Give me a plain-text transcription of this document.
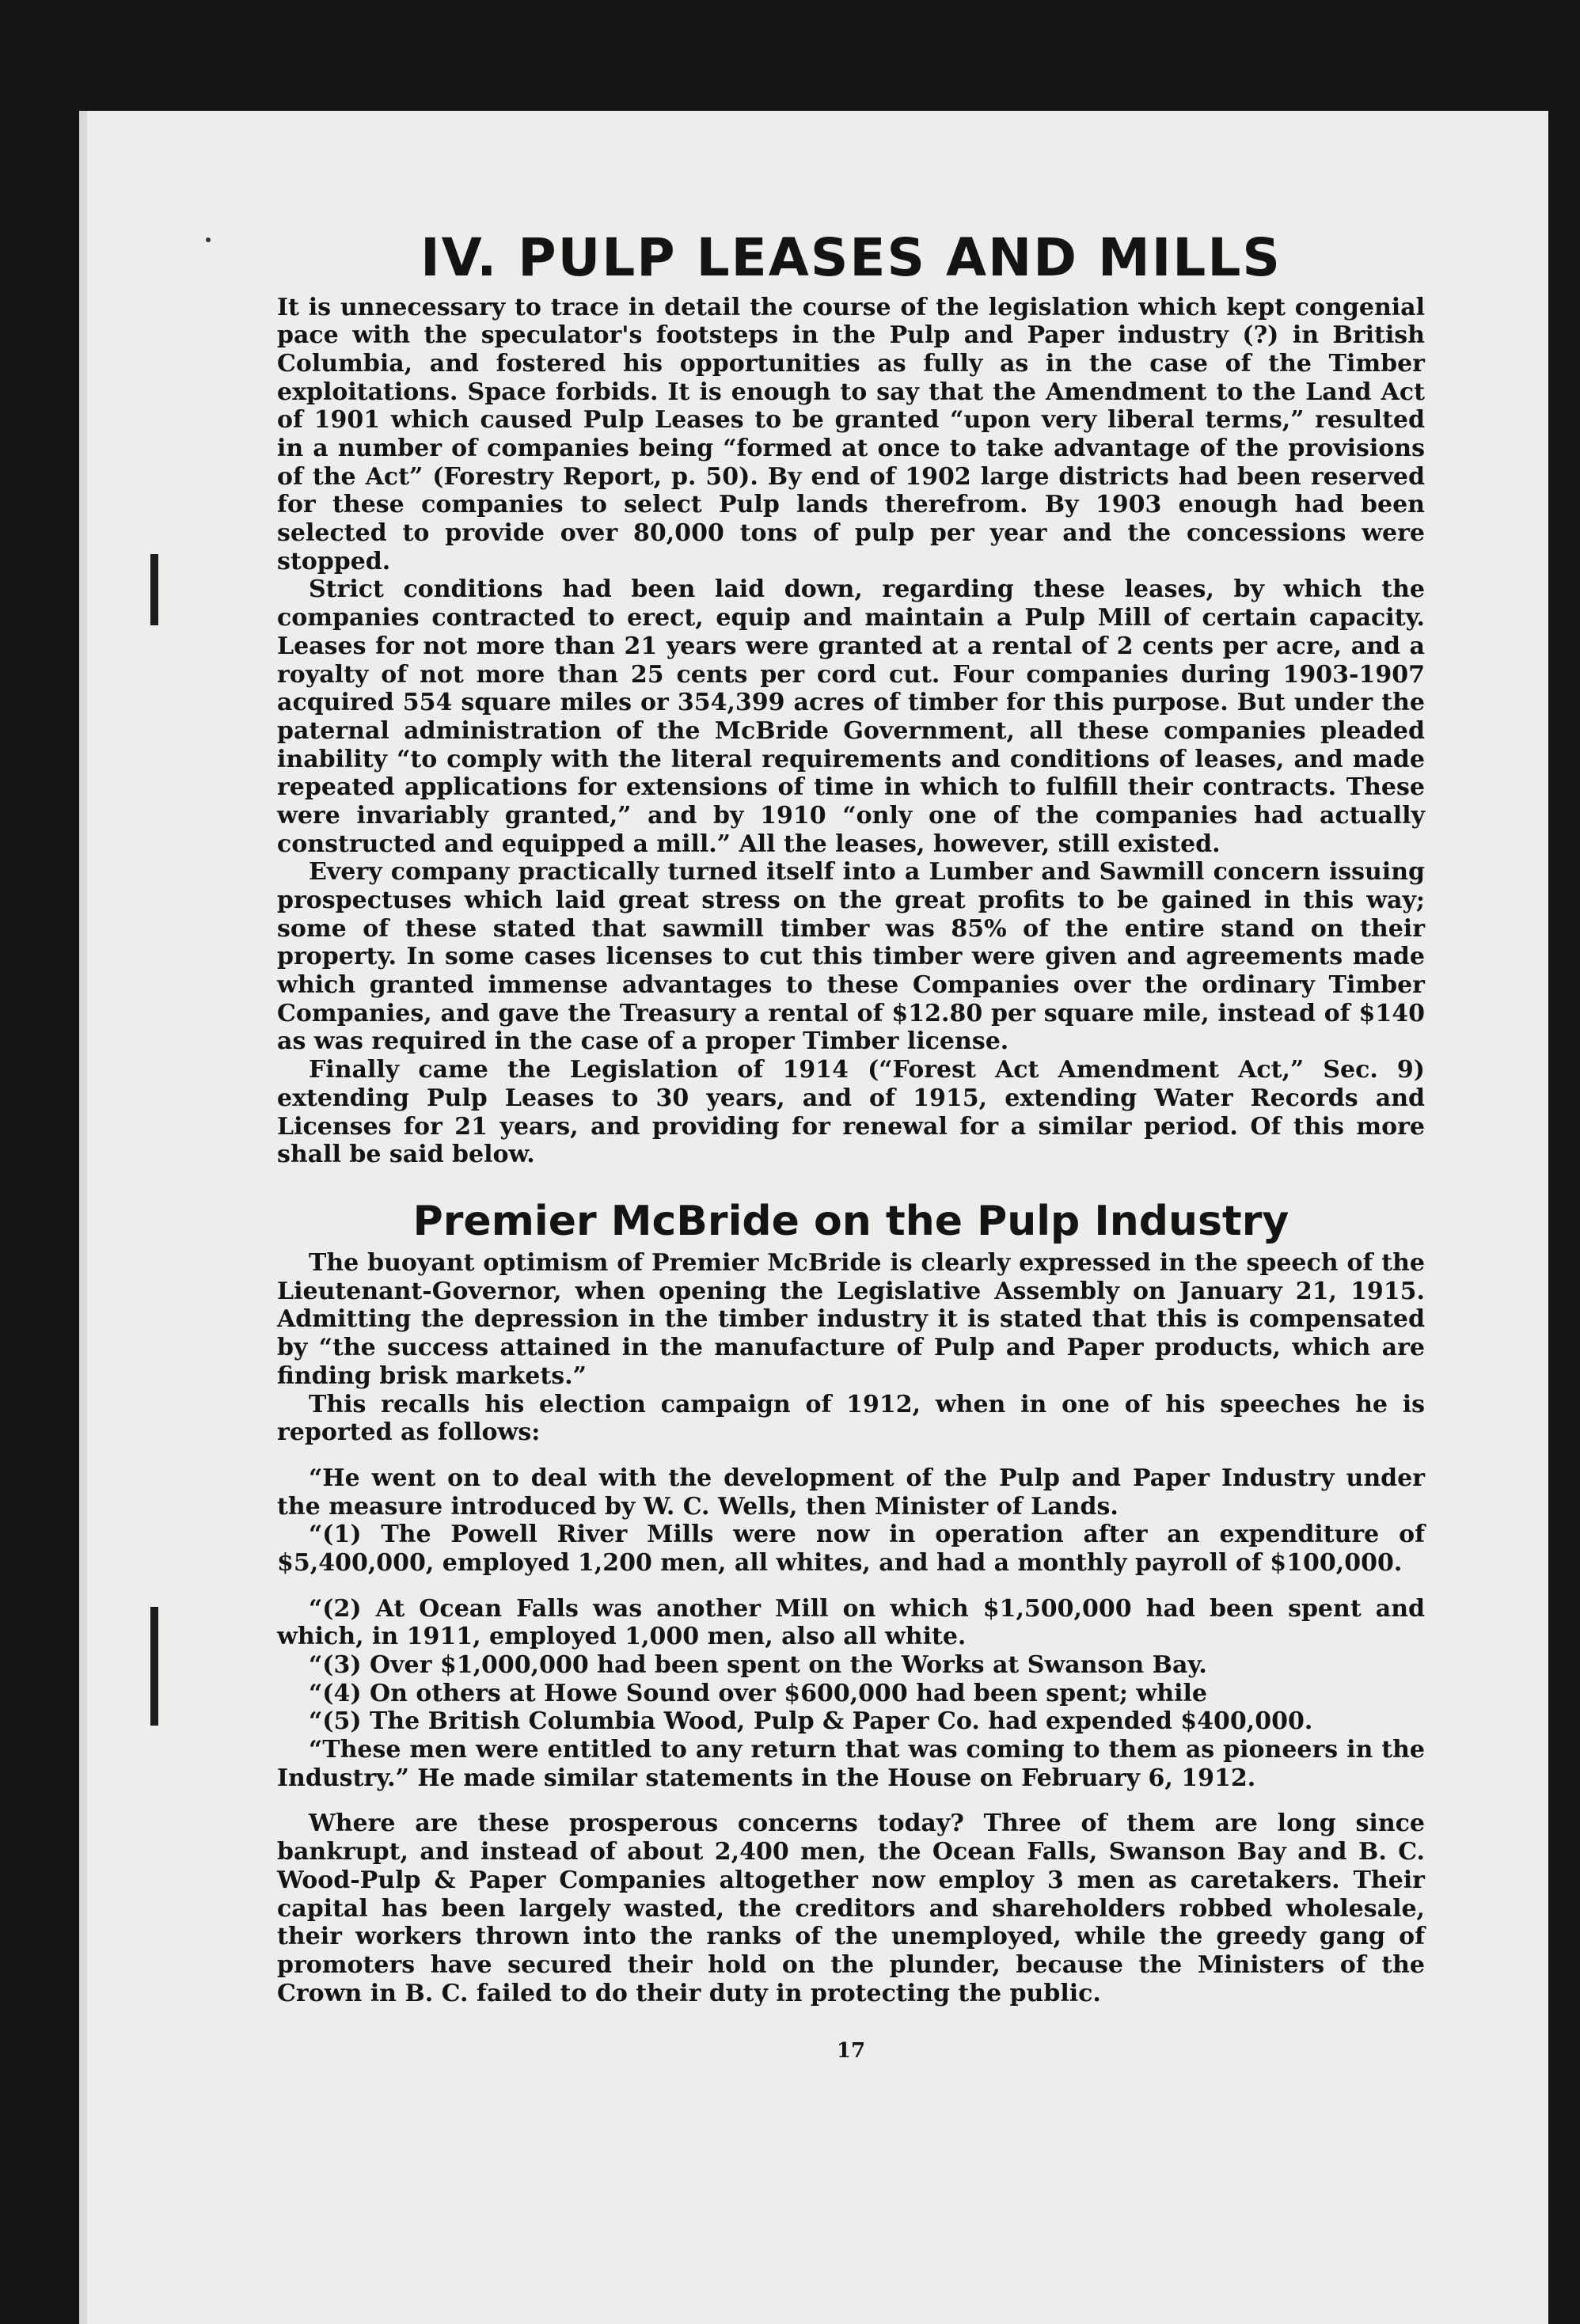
IV. PULP LEASES AND MILLS

It is unnecessary to trace in detail the course of the legislation which kept congenial pace with the speculator's footsteps in the Pulp and Paper industry (?) in British Columbia, and fostered his opportunities as fully as in the case of the Timber exploitations. Space forbids. It is enough to say that the Amendment to the Land Act of 1901 which caused Pulp Leases to be granted “upon very liberal terms,” resulted in a number of companies being “formed at once to take advantage of the provisions of the Act” (Forestry Report, p. 50). By end of 1902 large districts had been reserved for these companies to select Pulp lands therefrom. By 1903 enough had been selected to provide over 80,000 tons of pulp per year and the concessions were stopped.

Strict conditions had been laid down, regarding these leases, by which the companies contracted to erect, equip and maintain a Pulp Mill of certain capacity. Leases for not more than 21 years were granted at a rental of 2 cents per acre, and a royalty of not more than 25 cents per cord cut. Four companies during 1903-1907 acquired 554 square miles or 354,399 acres of timber for this purpose. But under the paternal administration of the McBride Government, all these companies pleaded inability “to comply with the literal requirements and conditions of leases, and made repeated applications for extensions of time in which to fulfill their contracts. These were invariably granted,” and by 1910 “only one of the companies had actually constructed and equipped a mill.” All the leases, however, still existed.

Every company practically turned itself into a Lumber and Sawmill concern issuing prospectuses which laid great stress on the great profits to be gained in this way; some of these stated that sawmill timber was 85% of the entire stand on their property. In some cases licenses to cut this timber were given and agreements made which granted immense advantages to these Companies over the ordinary Timber Companies, and gave the Treasury a rental of $12.80 per square mile, instead of $140 as was required in the case of a proper Timber license.

Finally came the Legislation of 1914 (“Forest Act Amendment Act,” Sec. 9) extending Pulp Leases to 30 years, and of 1915, extending Water Records and Licenses for 21 years, and providing for renewal for a similar period. Of this more shall be said below.

Premier McBride on the Pulp Industry

The buoyant optimism of Premier McBride is clearly expressed in the speech of the Lieutenant-Governor, when opening the Legislative Assembly on January 21, 1915. Admitting the depression in the timber industry it is stated that this is compensated by “the success attained in the manufacture of Pulp and Paper products, which are finding brisk markets.”

This recalls his election campaign of 1912, when in one of his speeches he is reported as follows:

“He went on to deal with the development of the Pulp and Paper Industry under the measure introduced by W. C. Wells, then Minister of Lands.

“(1) The Powell River Mills were now in operation after an expenditure of $5,400,000, employed 1,200 men, all whites, and had a monthly payroll of $100,000.

“(2) At Ocean Falls was another Mill on which $1,500,000 had been spent and which, in 1911, employed 1,000 men, also all white.

“(3) Over $1,000,000 had been spent on the Works at Swanson Bay.

“(4) On others at Howe Sound over $600,000 had been spent; while

“(5) The British Columbia Wood, Pulp & Paper Co. had expended $400,000.

“These men were entitled to any return that was coming to them as pioneers in the Industry.” He made similar statements in the House on February 6, 1912.

Where are these prosperous concerns today? Three of them are long since bankrupt, and instead of about 2,400 men, the Ocean Falls, Swanson Bay and B. C. Wood-Pulp & Paper Companies altogether now employ 3 men as caretakers. Their capital has been largely wasted, the creditors and shareholders robbed wholesale, their workers thrown into the ranks of the unemployed, while the greedy gang of promoters have secured their hold on the plunder, because the Ministers of the Crown in B. C. failed to do their duty in protecting the public.

17
